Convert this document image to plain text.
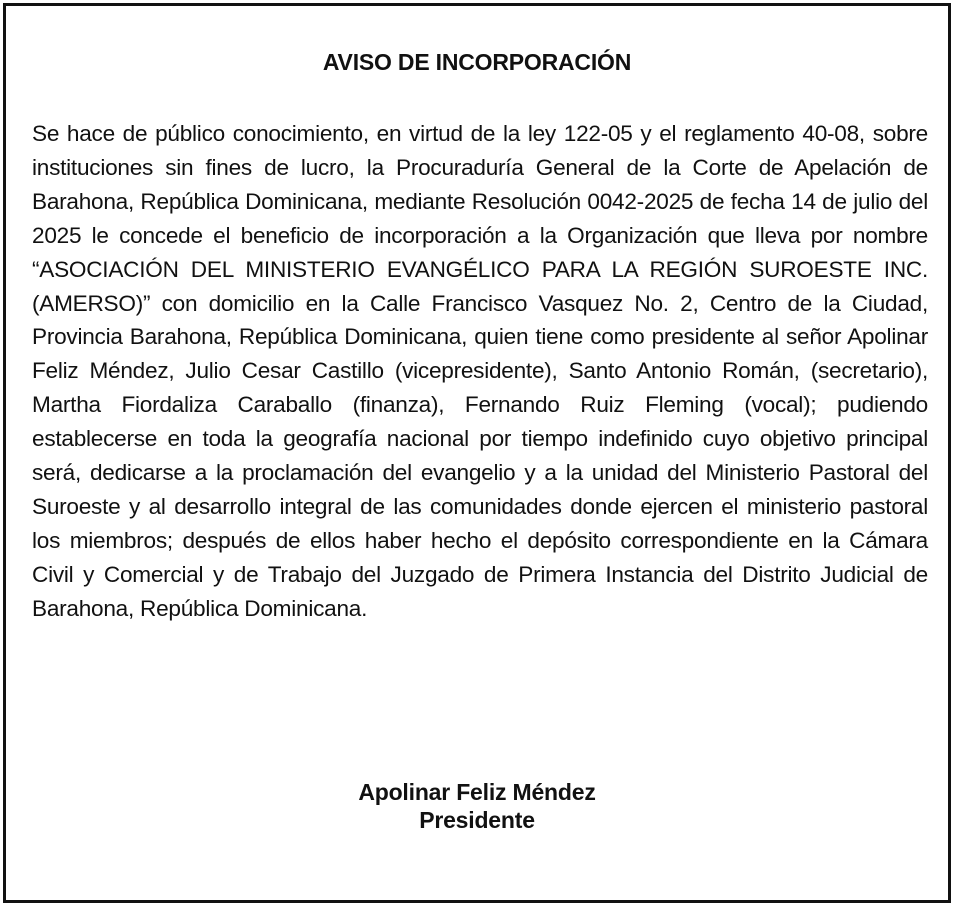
AVISO DE INCORPORACIÓN
Se hace de público conocimiento, en virtud de la ley 122-05 y el reglamento 40-08, sobre instituciones sin fines de lucro, la Procuraduría General de la Corte de Apelación de Barahona, República Dominicana, mediante Resolución 0042-2025 de fecha 14 de julio del 2025 le concede el beneficio de incorporación a la Organización que lleva por nombre “ASOCIACIÓN DEL MINISTERIO EVANGÉLICO PARA LA REGIÓN SUROESTE INC. (AMERSO)” con domicilio en la Calle Francisco Vasquez No. 2, Centro de la Ciudad, Provincia Barahona, República Dominicana, quien tiene como presidente al señor Apolinar Feliz Méndez, Julio Cesar Castillo (vicepresidente), Santo Antonio Román, (secretario), Martha Fiordaliza Caraballo (finanza), Fernando Ruiz Fleming (vocal); pudiendo establecerse en toda la geografía nacional por tiempo indefinido cuyo objetivo principal será, dedicarse a la proclamación del evangelio y a la unidad del Ministerio Pastoral del Suroeste y al desarrollo integral de las comunidades donde ejercen el ministerio pastoral los miembros; después de ellos haber hecho el depósito correspondiente en la Cámara Civil y Comercial y de Trabajo del Juzgado de Primera Instancia del Distrito Judicial de Barahona, República Dominicana.
Apolinar Feliz Méndez
Presidente
